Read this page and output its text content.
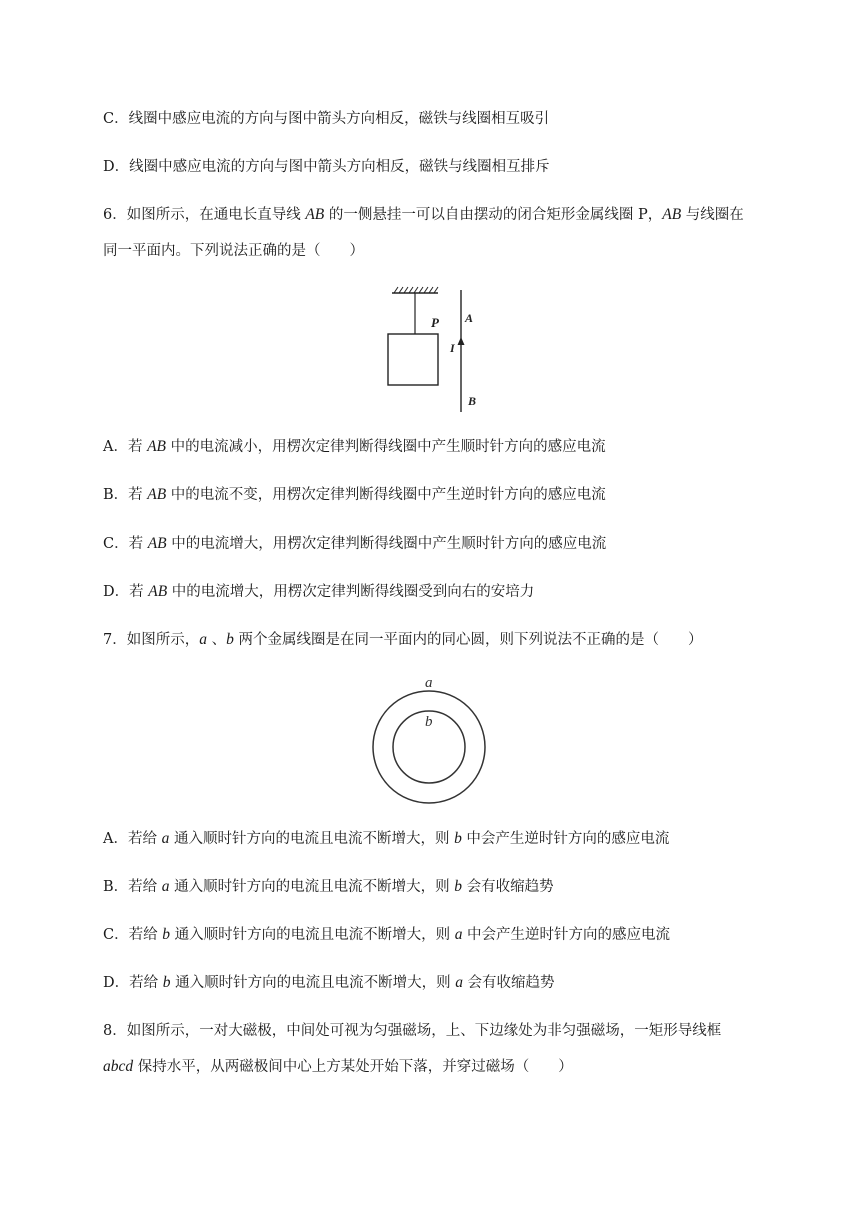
C．线圈中感应电流的方向与图中箭头方向相反，磁铁与线圈相互吸引
D．线圈中感应电流的方向与图中箭头方向相反，磁铁与线圈相互排斥
6．如图所示，在通电长直导线 AB 的一侧悬挂一可以自由摆动的闭合矩形金属线圈 P，AB 与线圈在
同一平面内。下列说法正确的是（　　）
P A
I
B
A．若 AB 中的电流减小，用楞次定律判断得线圈中产生顺时针方向的感应电流
B．若 AB 中的电流不变，用楞次定律判断得线圈中产生逆时针方向的感应电流
C．若 AB 中的电流增大，用楞次定律判断得线圈中产生顺时针方向的感应电流
D．若 AB 中的电流增大，用楞次定律判断得线圈受到向右的安培力
7．如图所示，a 、b 两个金属线圈是在同一平面内的同心圆，则下列说法不正确的是（　　）
a
b
A．若给 a 通入顺时针方向的电流且电流不断增大，则 b 中会产生逆时针方向的感应电流
B．若给 a 通入顺时针方向的电流且电流不断增大，则 b 会有收缩趋势
C．若给 b 通入顺时针方向的电流且电流不断增大，则 a 中会产生逆时针方向的感应电流
D．若给 b 通入顺时针方向的电流且电流不断增大，则 a 会有收缩趋势
8．如图所示，一对大磁极，中间处可视为匀强磁场，上、下边缘处为非匀强磁场，一矩形导线框
abcd 保持水平，从两磁极间中心上方某处开始下落，并穿过磁场（　　）
